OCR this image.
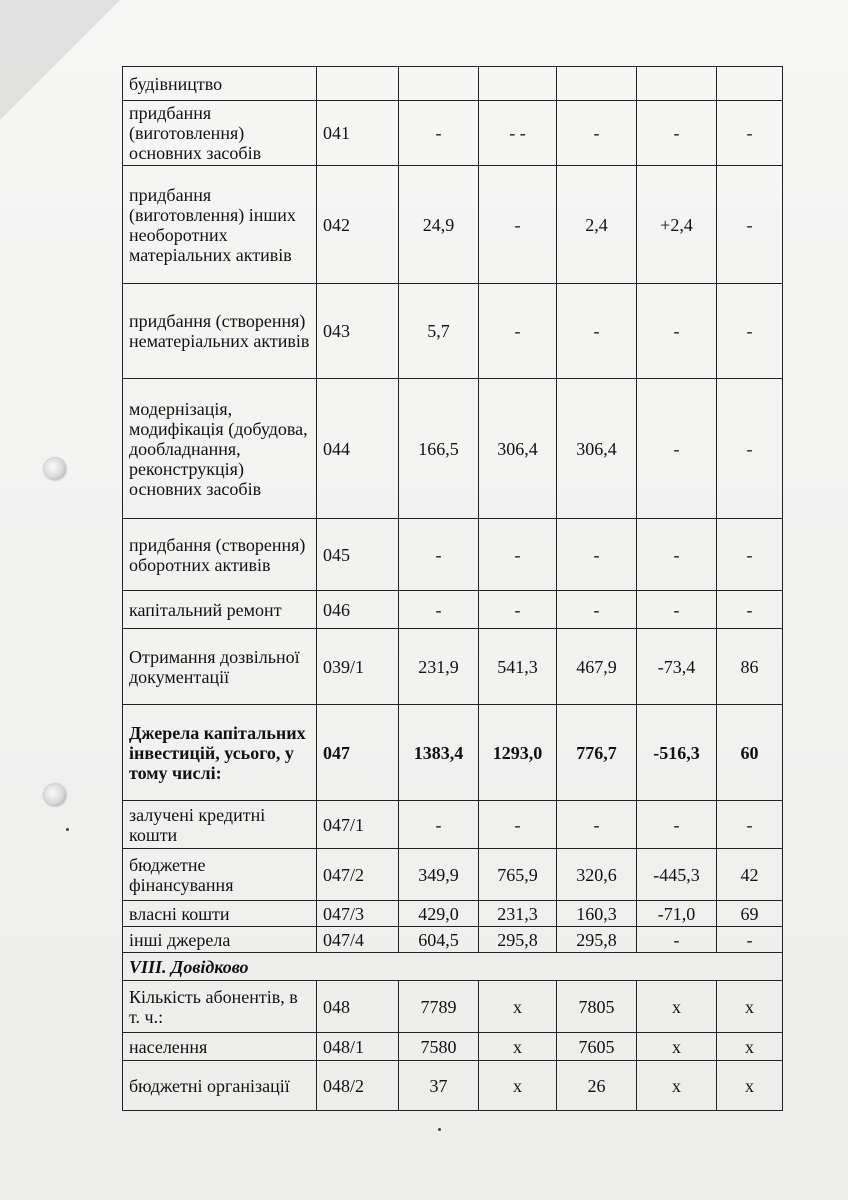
будівництво						
придбання (виготовлення) основних засобів	041	-	- -	-	-	-
придбання (виготовлення) інших необоротних матеріальних активів	042	24,9	-	2,4	+2,4	-
придбання (створення) нематеріальних активів	043	5,7	-	-	-	-
модернізація, модифікація (добудова, дообладнання, реконструкція) основних засобів	044	166,5	306,4	306,4	-	-
придбання (створення) оборотних активів	045	-	-	-	-	-
капітальний ремонт	046	-	-	-	-	-
Отримання дозвільної документації	039/1	231,9	541,3	467,9	-73,4	86
Джерела капітальних інвестицій, усього, у тому числі:	047	1383,4	1293,0	776,7	-516,3	60
залучені кредитні кошти	047/1	-	-	-	-	-
бюджетне фінансування	047/2	349,9	765,9	320,6	-445,3	42
власні кошти	047/3	429,0	231,3	160,3	-71,0	69
інші джерела	047/4	604,5	295,8	295,8	-	-
VIII. Довідково						
Кількість абонентів, в т. ч.:	048	7789	х	7805	х	х
населення	048/1	7580	х	7605	х	х
бюджетні організації	048/2	37	х	26	х	х
